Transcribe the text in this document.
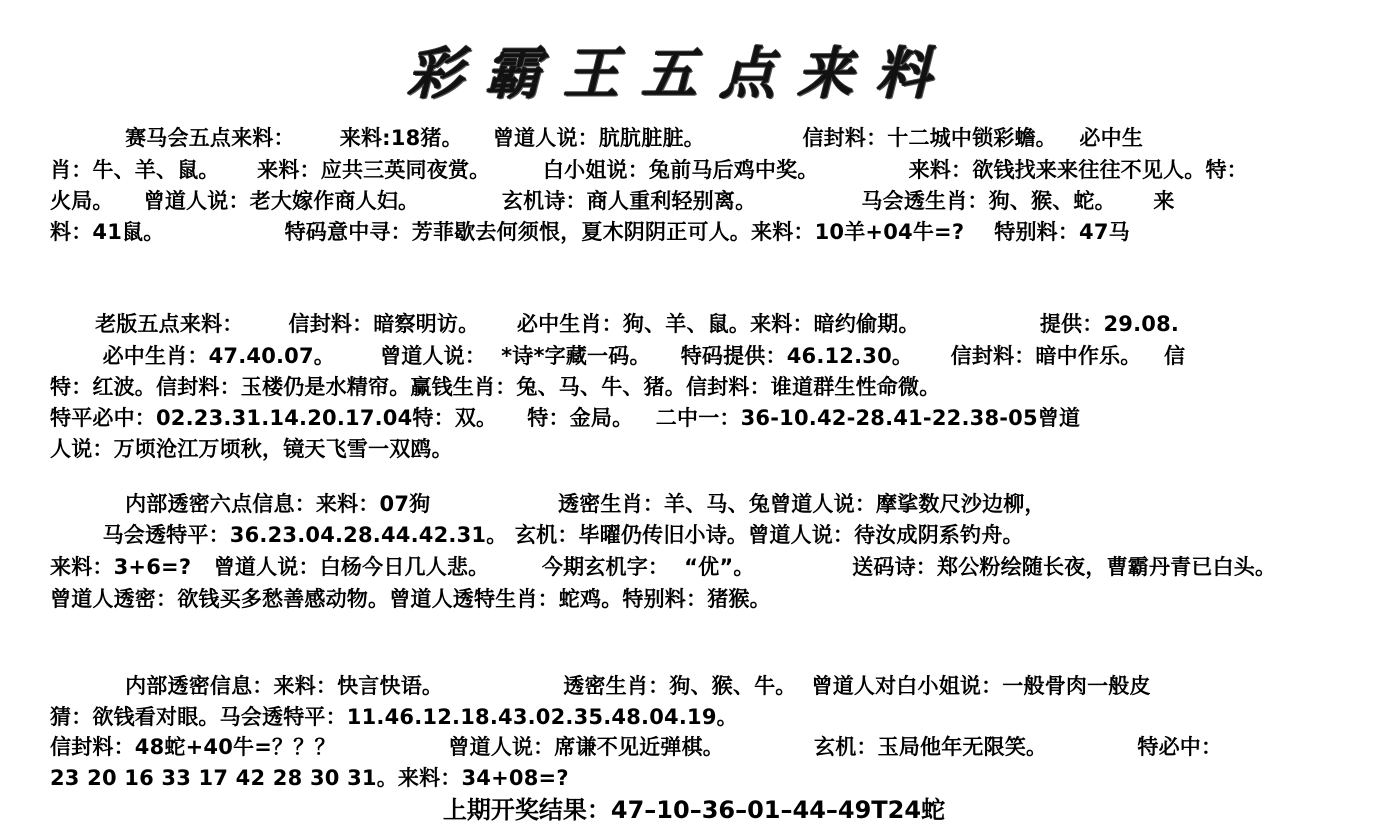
彩霸王五点来料
赛马会五点来料：      来料:18猪。    曾道人说：肮肮脏脏。             信封料：十二城中锁彩蟾。   必中生
肖：牛、羊、鼠。     来料：应共三英同夜赏。       白小姐说：兔前马后鸡中奖。            来料：欲钱找来来往往不见人。特：
火局。    曾道人说：老大嫁作商人妇。           玄机诗：商人重利轻别离。              马会透生肖：狗、猴、蛇。     来
料：41鼠。                特码意中寻：芳菲歇去何须恨，夏木阴阴正可人。来料：10羊+04牛=?    特别料：47马
老版五点来料：      信封料：暗察明访。     必中生肖：狗、羊、鼠。来料：暗约偷期。                提供：29.08.
必中生肖：47.40.07。      曾道人说：  *诗*字藏一码。    特码提供：46.12.30。     信封料：暗中作乐。   信
特：红波。信封料：玉楼仍是水精帘。赢钱生肖：兔、马、牛、猪。信封料：谁道群生性命微。
特平必中：02.23.31.14.20.17.04特：双。    特：金局。   二中一：36-10.42-28.41-22.38-05曾道
人说：万顷沧江万顷秋，镜天飞雪一双鸥。
内部透密六点信息：来料：07狗                 透密生肖：羊、马、兔曾道人说：摩挲数尺沙边柳，
马会透特平：36.23.04.28.44.42.31。 玄机：毕曜仍传旧小诗。曾道人说：待汝成阴系钓舟。
来料：3+6=?   曾道人说：白杨今日几人悲。       今期玄机字：  “优”。             送码诗：郑公粉绘随长夜，曹霸丹青已白头。
曾道人透密：欲钱买多愁善感动物。曾道人透特生肖：蛇鸡。特别料：猪猴。
内部透密信息：来料：快言快语。                透密生肖：狗、猴、牛。  曾道人对白小姐说：一般骨肉一般皮
猜：欲钱看对眼。马会透特平：11.46.12.18.43.02.35.48.04.19。
信封料：48蛇+40牛=？？？               曾道人说：席谦不见近弹棋。            玄机：玉局他年无限笑。            特必中：
23 20 16 33 17 42 28 30 31。来料：34+08=?
上期开奖结果：47–10–36–01–44–49T24蛇
